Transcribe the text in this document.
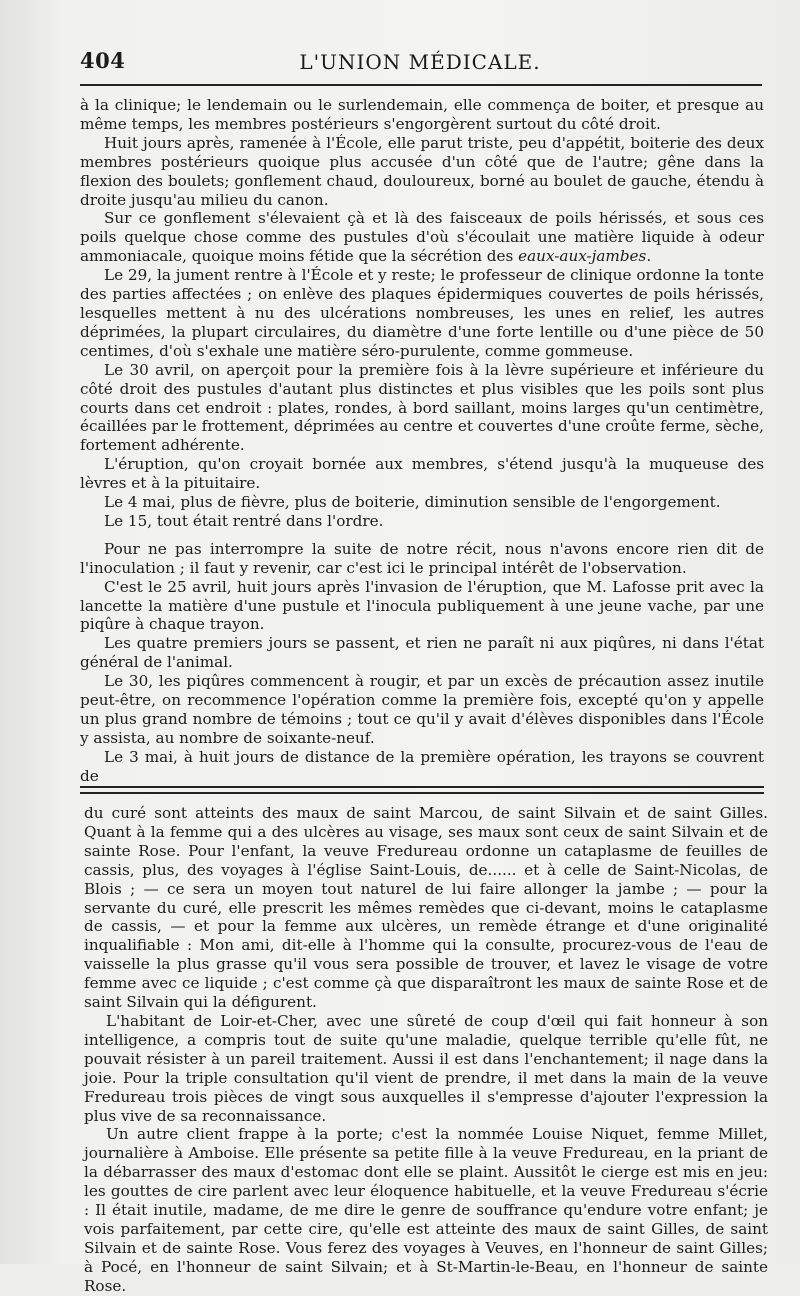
404	L'UNION MÉDICALE.

à la clinique; le lendemain ou le surlendemain, elle commença de boiter, et presque au même temps, les membres postérieurs s'engorgèrent surtout du côté droit.

Huit jours après, ramenée à l'École, elle parut triste, peu d'appétit, boiterie des deux membres postérieurs quoique plus accusée d'un côté que de l'autre; gêne dans la flexion des boulets; gonflement chaud, douloureux, borné au boulet de gauche, étendu à droite jusqu'au milieu du canon.

Sur ce gonflement s'élevaient çà et là des faisceaux de poils hérissés, et sous ces poils quelque chose comme des pustules d'où s'écoulait une matière liquide à odeur ammoniacale, quoique moins fétide que la sécrétion des eaux-aux-jambes.

Le 29, la jument rentre à l'École et y reste; le professeur de clinique ordonne la tonte des parties affectées ; on enlève des plaques épidermiques couvertes de poils hérissés, lesquelles mettent à nu des ulcérations nombreuses, les unes en relief, les autres déprimées, la plupart circulaires, du diamètre d'une forte lentille ou d'une pièce de 50 centimes, d'où s'exhale une matière séro-purulente, comme gommeuse.

Le 30 avril, on aperçoit pour la première fois à la lèvre supérieure et inférieure du côté droit des pustules d'autant plus distinctes et plus visibles que les poils sont plus courts dans cet endroit : plates, rondes, à bord saillant, moins larges qu'un centimètre, écaillées par le frottement, déprimées au centre et couvertes d'une croûte ferme, sèche, fortement adhérente.

L'éruption, qu'on croyait bornée aux membres, s'étend jusqu'à la muqueuse des lèvres et à la pituitaire.

Le 4 mai, plus de fièvre, plus de boiterie, diminution sensible de l'engorgement.

Le 15, tout était rentré dans l'ordre.

Pour ne pas interrompre la suite de notre récit, nous n'avons encore rien dit de l'inoculation ; il faut y revenir, car c'est ici le principal intérêt de l'observation.

C'est le 25 avril, huit jours après l'invasion de l'éruption, que M. Lafosse prit avec la lancette la matière d'une pustule et l'inocula publiquement à une jeune vache, par une piqûre à chaque trayon.

Les quatre premiers jours se passent, et rien ne paraît ni aux piqûres, ni dans l'état général de l'animal.

Le 30, les piqûres commencent à rougir, et par un excès de précaution assez inutile peut-être, on recommence l'opération comme la première fois, excepté qu'on y appelle un plus grand nombre de témoins ; tout ce qu'il y avait d'élèves disponibles dans l'École y assista, au nombre de soixante-neuf.

Le 3 mai, à huit jours de distance de la première opération, les trayons se couvrent de

du curé sont atteints des maux de saint Marcou, de saint Silvain et de saint Gilles. Quant à la femme qui a des ulcères au visage, ses maux sont ceux de saint Silvain et de sainte Rose. Pour l'enfant, la veuve Fredureau ordonne un cataplasme de feuilles de cassis, plus, des voyages à l'église Saint-Louis, de...... et à celle de Saint-Nicolas, de Blois ; — ce sera un moyen tout naturel de lui faire allonger la jambe ; — pour la servante du curé, elle prescrit les mêmes remèdes que ci-devant, moins le cataplasme de cassis, — et pour la femme aux ulcères, un remède étrange et d'une originalité inqualifiable : Mon ami, dit-elle à l'homme qui la consulte, procurez-vous de l'eau de vaisselle la plus grasse qu'il vous sera possible de trouver, et lavez le visage de votre femme avec ce liquide ; c'est comme çà que disparaîtront les maux de sainte Rose et de saint Silvain qui la défigurent.

L'habitant de Loir-et-Cher, avec une sûreté de coup d'œil qui fait honneur à son intelligence, a compris tout de suite qu'une maladie, quelque terrible qu'elle fût, ne pouvait résister à un pareil traitement. Aussi il est dans l'enchantement; il nage dans la joie. Pour la triple consultation qu'il vient de prendre, il met dans la main de la veuve Fredureau trois pièces de vingt sous auxquelles il s'empresse d'ajouter l'expression la plus vive de sa reconnaissance.

Un autre client frappe à la porte; c'est la nommée Louise Niquet, femme Millet, journalière à Amboise. Elle présente sa petite fille à la veuve Fredureau, en la priant de la débarrasser des maux d'estomac dont elle se plaint. Aussitôt le cierge est mis en jeu: les gouttes de cire parlent avec leur éloquence habituelle, et la veuve Fredureau s'écrie : Il était inutile, madame, de me dire le genre de souffrance qu'endure votre enfant; je vois parfaitement, par cette cire, qu'elle est atteinte des maux de saint Gilles, de saint Silvain et de sainte Rose. Vous ferez des voyages à Veuves, en l'honneur de saint Gilles; à Pocé, en l'honneur de saint Silvain; et à St-Martin-le-Beau, en l'honneur de sainte Rose.
